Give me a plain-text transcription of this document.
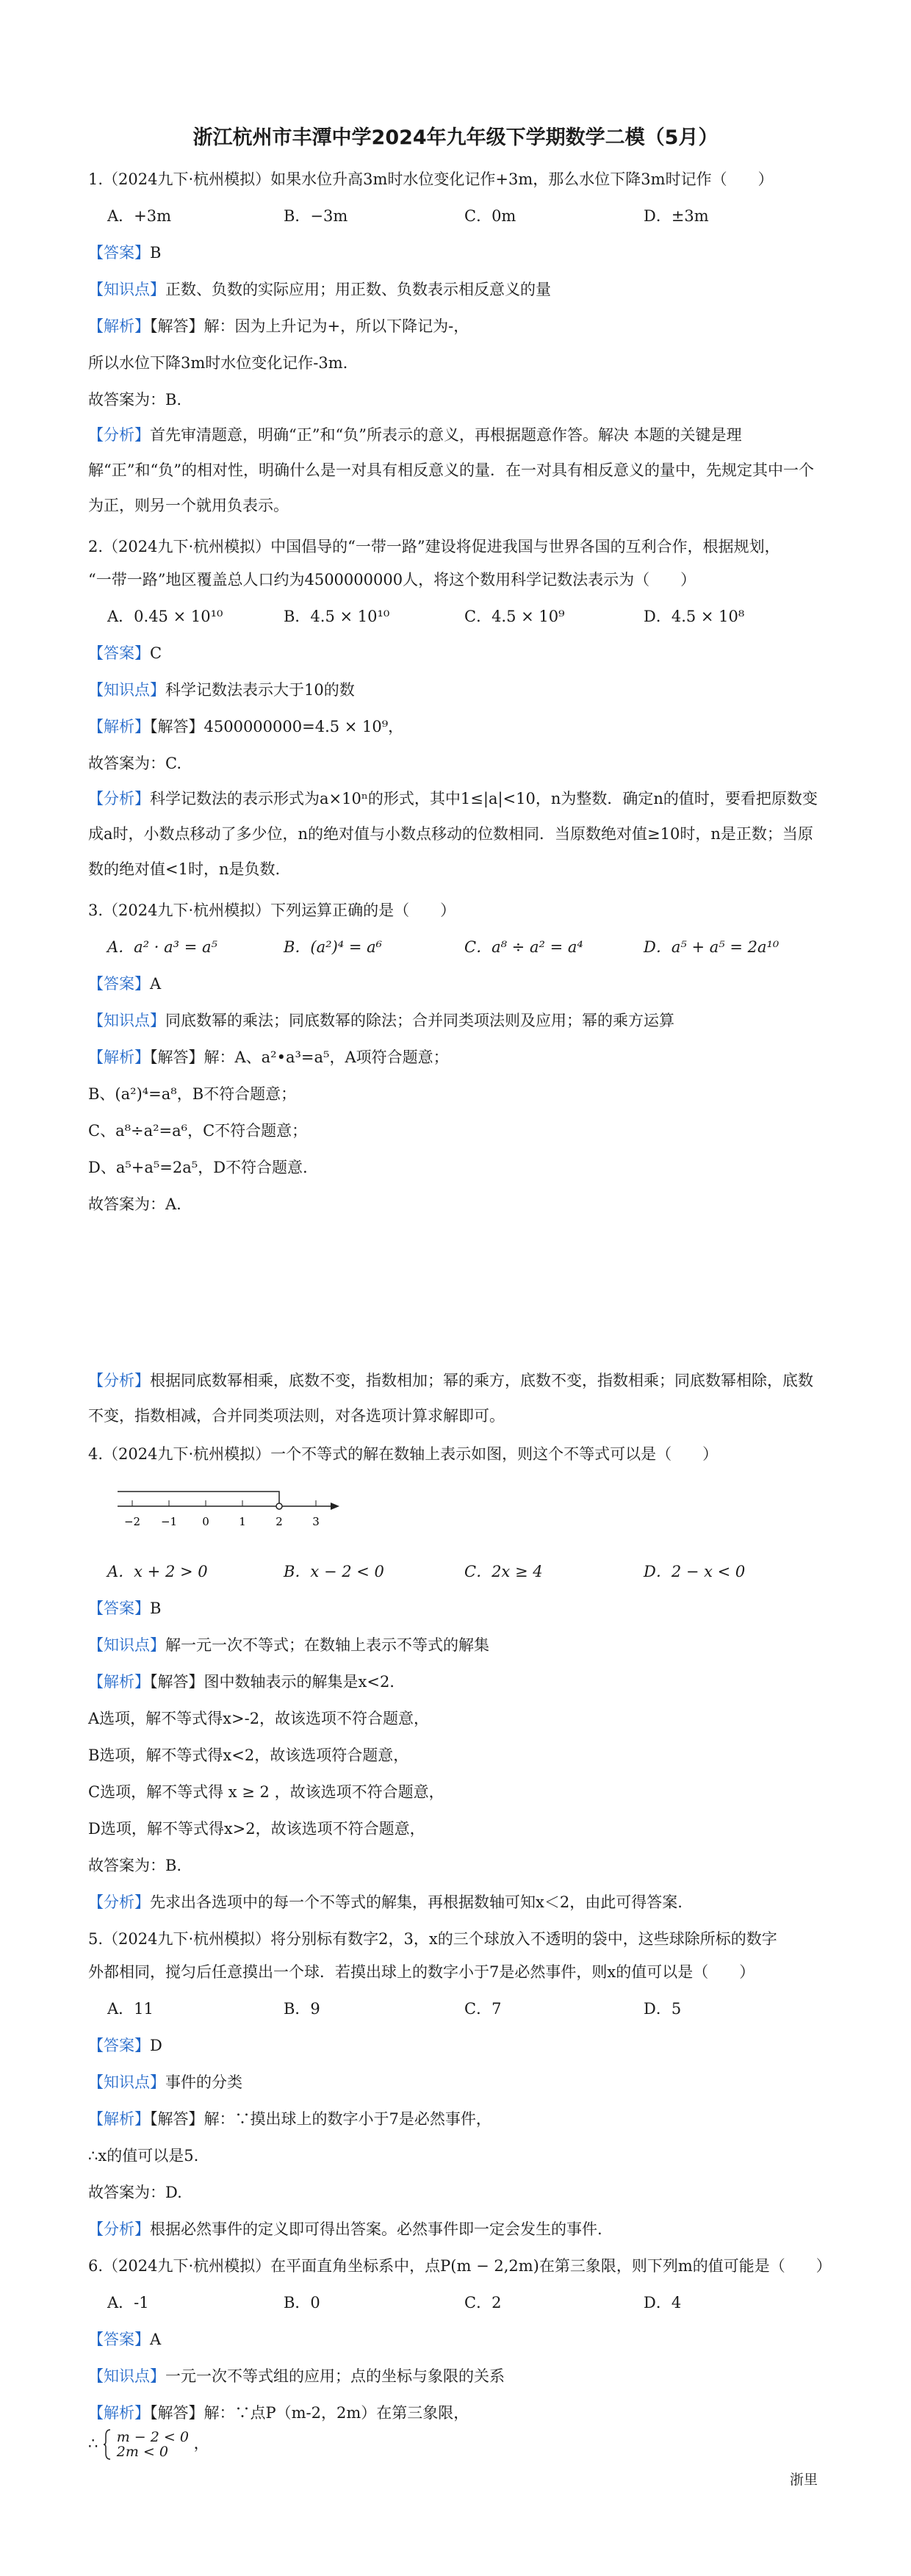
浙江杭州市丰潭中学2024年九年级下学期数学二模（5月）
1.（2024九下·杭州模拟）如果水位升高3m时水位变化记作+3m，那么水位下降3m时记作（　　）
A．+3m	B．−3m	C．0m	D．±3m
【答案】B
【知识点】正数、负数的实际应用；用正数、负数表示相反意义的量
【解析】【解答】解：因为上升记为+，所以下降记为-，
所以水位下降3m时水位变化记作-3m.
故答案为：B.
【分析】首先审清题意，明确“正”和“负”所表示的意义，再根据题意作答。解决 本题的关键是理解“正”和“负”的相对性，明确什么是一对具有相反意义的量．在一对具有相反意义的量中，先规定其中一个为正，则另一个就用负表示。
2.（2024九下·杭州模拟）中国倡导的“一带一路”建设将促进我国与世界各国的互利合作，根据规划，
“一带一路”地区覆盖总人口约为4500000000人，将这个数用科学记数法表示为（　　）
A．0.45 × 10¹⁰	B．4.5 × 10¹⁰	C．4.5 × 10⁹	D．4.5 × 10⁸
【答案】C
【知识点】科学记数法表示大于10的数
【解析】【解答】4500000000=4.5 × 10⁹，
故答案为：C.
【分析】科学记数法的表示形式为a×10ⁿ的形式，其中1≤|a|<10，n为整数．确定n的值时，要看把原数变成a时，小数点移动了多少位，n的绝对值与小数点移动的位数相同．当原数绝对值≥10时，n是正数；当原数的绝对值<1时，n是负数.
3.（2024九下·杭州模拟）下列运算正确的是（　　）
A．a² · a³ = a⁵	B．(a²)⁴ = a⁶	C．a⁸ ÷ a² = a⁴	D．a⁵ + a⁵ = 2a¹⁰
【答案】A
【知识点】同底数幂的乘法；同底数幂的除法；合并同类项法则及应用；幂的乘方运算
【解析】【解答】解：A、a²•a³=a⁵，A项符合题意；
B、(a²)⁴=a⁸，B不符合题意；
C、a⁸÷a²=a⁶，C不符合题意；
D、a⁵+a⁵=2a⁵，D不符合题意.
故答案为：A.
【分析】根据同底数幂相乘，底数不变，指数相加；幂的乘方，底数不变，指数相乘；同底数幂相除，底数不变，指数相减，合并同类项法则，对各选项计算求解即可。
4.（2024九下·杭州模拟）一个不等式的解在数轴上表示如图，则这个不等式可以是（　　）
−2 −1 0	1	2	3
A．x + 2 > 0	B．x − 2 < 0	C．2x ≥ 4	D．2 − x < 0
【答案】B
【知识点】解一元一次不等式；在数轴上表示不等式的解集
【解析】【解答】图中数轴表示的解集是x<2.
A选项，解不等式得x>-2，故该选项不符合题意，
B选项，解不等式得x<2，故该选项符合题意，
C选项，解不等式得 x ≥ 2 ，故该选项不符合题意，
D选项，解不等式得x>2，故该选项不符合题意，
故答案为：B.
【分析】先求出各选项中的每一个不等式的解集，再根据数轴可知x＜2，由此可得答案.
5.（2024九下·杭州模拟）将分别标有数字2，3，x的三个球放入不透明的袋中，这些球除所标的数字
外都相同，搅匀后任意摸出一个球．若摸出球上的数字小于7是必然事件，则x的值可以是（　　）
A．11	B．9	C．7	D．5
【答案】D
【知识点】事件的分类
【解析】【解答】解：∵摸出球上的数字小于7是必然事件，
∴x的值可以是5.
故答案为：D.
【分析】根据必然事件的定义即可得出答案。必然事件即一定会发生的事件.
6.（2024九下·杭州模拟）在平面直角坐标系中，点P(m − 2,2m)在第三象限，则下列m的值可能是（　　）
A．-1	B．0	C．2	D．4
【答案】A
【知识点】一元一次不等式组的应用；点的坐标与象限的关系
【解析】【解答】解：∵点P（m-2，2m）在第三象限，
∴ m − 2 < 0
2m < 0	，
浙里
